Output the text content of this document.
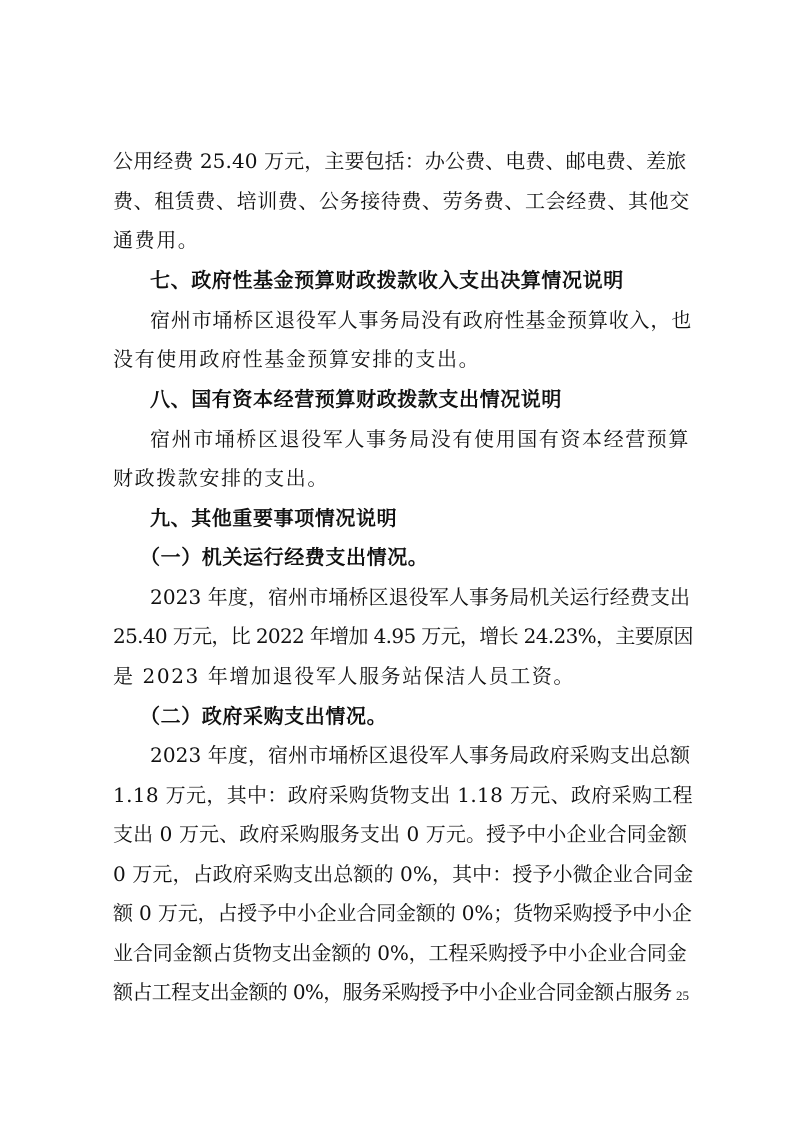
公用经费 25.40 万元，主要包括：办公费、电费、邮电费、差旅
费、租赁费、培训费、公务接待费、劳务费、工会经费、其他交
通费用。
七、政府性基金预算财政拨款收入支出决算情况说明
宿州市埇桥区退役军人事务局没有政府性基金预算收入，也
没有使用政府性基金预算安排的支出。
八、国有资本经营预算财政拨款支出情况说明
宿州市埇桥区退役军人事务局没有使用国有资本经营预算
财政拨款安排的支出。
九、其他重要事项情况说明
（一）机关运行经费支出情况。
2023 年度，宿州市埇桥区退役军人事务局机关运行经费支出
25.40 万元，比 2022 年增加 4.95 万元，增长 24.23%，主要原因
是 2023 年增加退役军人服务站保洁人员工资。
（二）政府采购支出情况。
2023 年度，宿州市埇桥区退役军人事务局政府采购支出总额
1.18 万元，其中：政府采购货物支出 1.18 万元、政府采购工程
支出 0 万元、政府采购服务支出 0 万元。授予中小企业合同金额
0 万元，占政府采购支出总额的 0%，其中：授予小微企业合同金
额 0 万元，占授予中小企业合同金额的 0%；货物采购授予中小企
业合同金额占货物支出金额的 0%，工程采购授予中小企业合同金
额占工程支出金额的 0%，服务采购授予中小企业合同金额占服务 25
